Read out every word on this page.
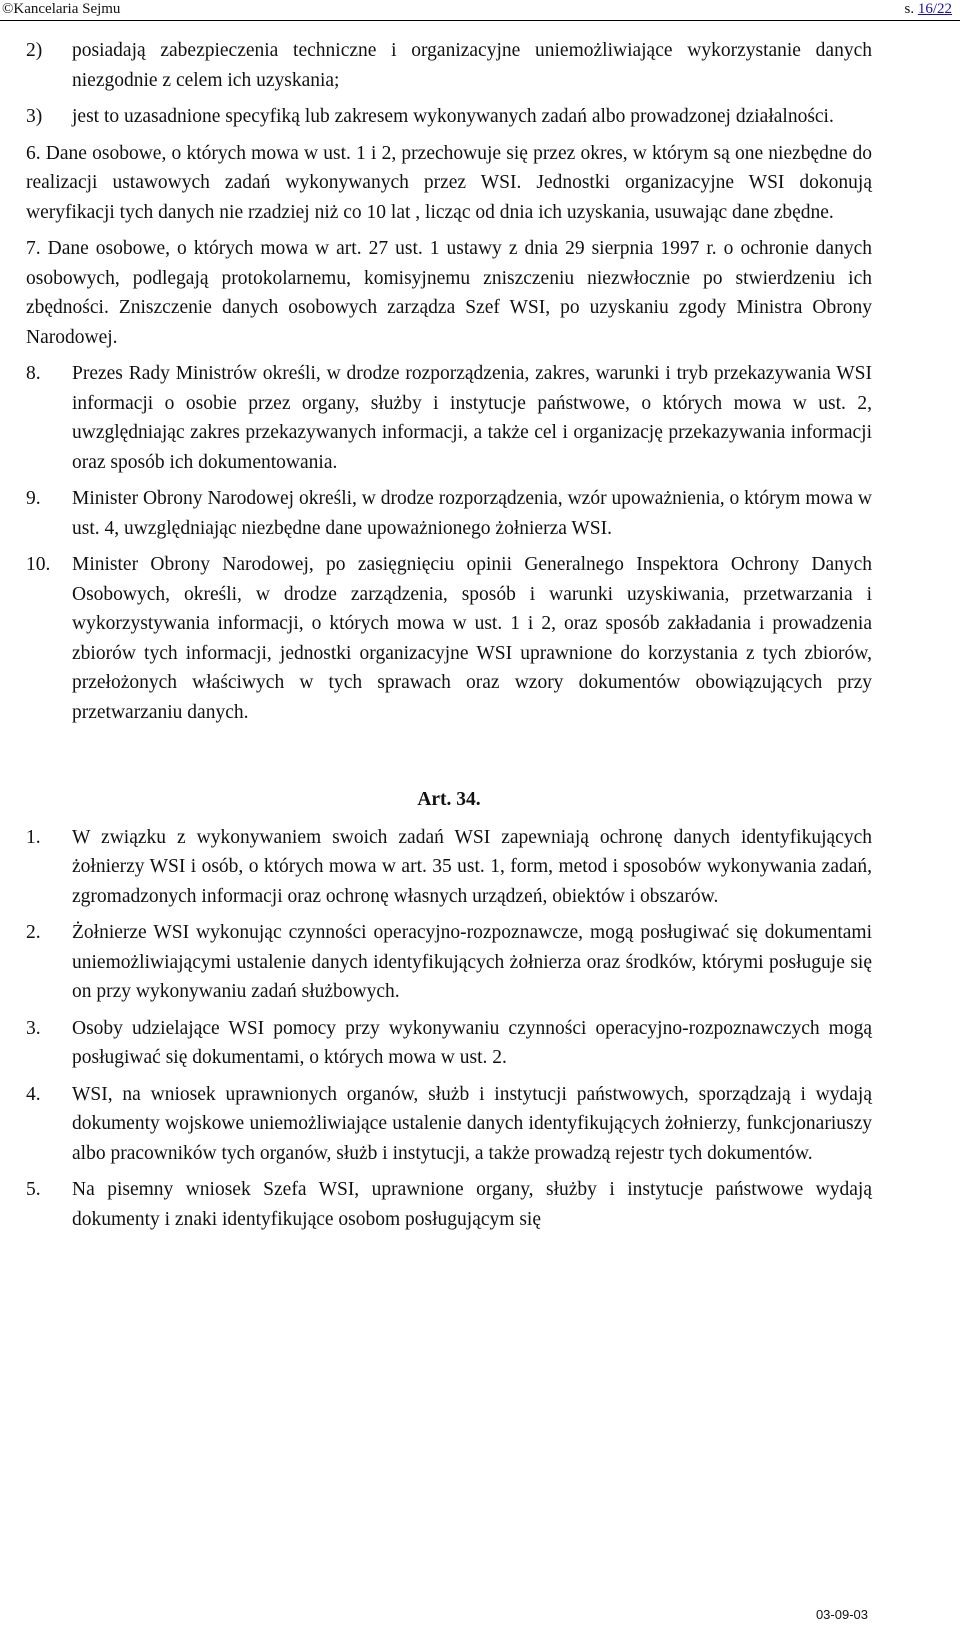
©Kancelaria Sejmu	s. 16/22
2)	posiadają zabezpieczenia techniczne i organizacyjne uniemożliwiające wykorzystanie danych niezgodnie z celem ich uzyskania;
3)	jest to uzasadnione specyfiką lub zakresem wykonywanych zadań albo prowadzonej działalności.

6. Dane osobowe, o których mowa w ust. 1 i 2, przechowuje się przez okres, w którym są one niezbędne do realizacji ustawowych zadań wykonywanych przez WSI. Jednostki organizacyjne WSI dokonują weryfikacji tych danych nie rzadziej niż co 10 lat , licząc od dnia ich uzyskania, usuwając dane zbędne.

7. Dane osobowe, o których mowa w art. 27 ust. 1 ustawy z dnia 29 sierpnia 1997 r. o ochronie danych osobowych, podlegają protokolarnemu, komisyjnemu zniszczeniu niezwłocznie po stwierdzeniu ich zbędności. Zniszczenie danych osobowych zarządza Szef WSI, po uzyskaniu zgody Ministra Obrony Narodowej.

8.	Prezes Rady Ministrów określi, w drodze rozporządzenia, zakres, warunki i tryb przekazywania WSI informacji o osobie przez organy, służby i instytucje państwowe, o których mowa w ust. 2, uwzględniając zakres przekazywanych informacji, a także cel i organizację przekazywania informacji oraz sposób ich dokumentowania.
9.	Minister Obrony Narodowej określi, w drodze rozporządzenia, wzór upoważnienia, o którym mowa w ust. 4, uwzględniając niezbędne dane upoważnionego żołnierza WSI.
10.	Minister Obrony Narodowej, po zasięgnięciu opinii Generalnego Inspektora Ochrony Danych Osobowych, określi, w drodze zarządzenia, sposób i warunki uzyskiwania, przetwarzania i wykorzystywania informacji, o których mowa w ust. 1 i 2, oraz sposób zakładania i prowadzenia zbiorów tych informacji, jednostki organizacyjne WSI uprawnione do korzystania z tych zbiorów, przełożonych właściwych w tych sprawach oraz wzory dokumentów obowiązujących przy przetwarzaniu danych.
Art. 34.
1.	W związku z wykonywaniem swoich zadań WSI zapewniają ochronę danych identyfikujących żołnierzy WSI i osób, o których mowa w art. 35 ust. 1, form, metod i sposobów wykonywania zadań, zgromadzonych informacji oraz ochronę własnych urządzeń, obiektów i obszarów.
2.	Żołnierze WSI wykonując czynności operacyjno-rozpoznawcze, mogą posługiwać się dokumentami uniemożliwiającymi ustalenie danych identyfikujących żołnierza oraz środków, którymi posługuje się on przy wykonywaniu zadań służbowych.
3.	Osoby udzielające WSI pomocy przy wykonywaniu czynności operacyjno-rozpoznawczych mogą posługiwać się dokumentami, o których mowa w ust. 2.
4.	WSI, na wniosek uprawnionych organów, służb i instytucji państwowych, sporządzają i wydają dokumenty wojskowe uniemożliwiające ustalenie danych identyfikujących żołnierzy, funkcjonariuszy albo pracowników tych organów, służb i instytucji, a także prowadzą rejestr tych dokumentów.
5.	Na pisemny wniosek Szefa WSI, uprawnione organy, służby i instytucje państwowe wydają dokumenty i znaki identyfikujące osobom posługującym się
03-09-03
